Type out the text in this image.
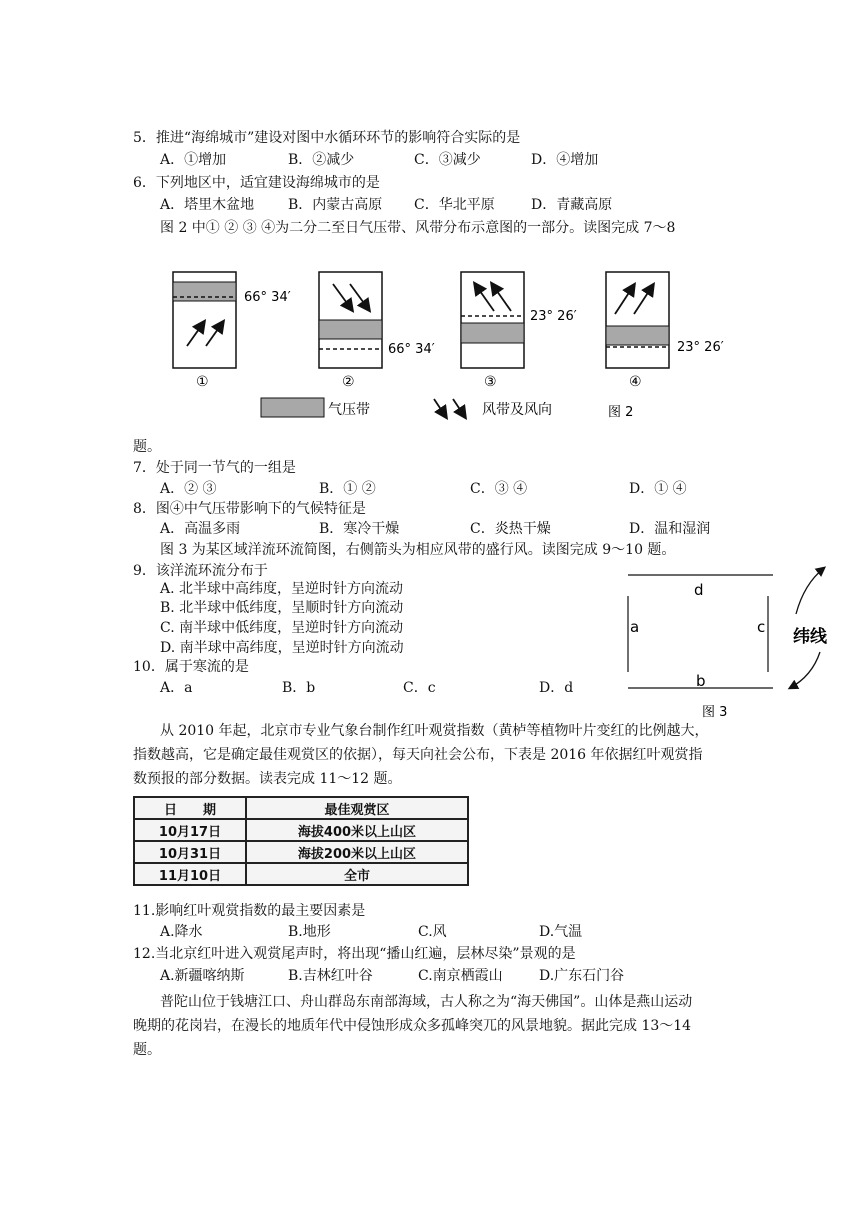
5．推进“海绵城市”建设对图中水循环环节的影响符合实际的是
A．①增加	B．②减少	C．③减少	D．④增加
6．下列地区中，适宜建设海绵城市的是
A．塔里木盆地 B．内蒙古高原 C．华北平原	D．青藏高原
图 2 中① ② ③ ④为二分二至日气压带、风带分布示意图的一部分。读图完成 7～8
66° 34′
①
66° 34′
②
23° 26′
③
23° 26′
④
气压带	风带及风向	图 2
题。
7．处于同一节气的一组是
A．② ③	B．① ②	C．③ ④	D．① ④
8．图④中气压带影响下的气候特征是
A．高温多雨	B．寒冷干燥	C．炎热干燥	D．温和湿润
图 3 为某区域洋流环流简图，右侧箭头为相应风带的盛行风。读图完成 9～10 题。
9．该洋流环流分布于
A. 北半球中高纬度，呈逆时针方向流动
B. 北半球中低纬度，呈顺时针方向流动
C. 南半球中低纬度，呈逆时针方向流动
D. 南半球中高纬度，呈逆时针方向流动
10．属于寒流的是
A．a	B．b	C．c	D．d
d
a	c
b
纬线
图 3
从 2010 年起，北京市专业气象台制作红叶观赏指数（黄栌等植物叶片变红的比例越大，
指数越高，它是确定最佳观赏区的依据），每天向社会公布，下表是 2016 年依据红叶观赏指
数预报的部分数据。读表完成 11～12 题。
日　　期	最佳观赏区
10月17日	海拔400米以上山区
10月31日	海拔200米以上山区
11月10日	全市
11.影响红叶观赏指数的最主要因素是
A.降水	B.地形	C.风	D.气温
12.当北京红叶进入观赏尾声时，将出现“播山红遍，层林尽染”景观的是
A.新疆喀纳斯	B.吉林红叶谷	C.南京栖霞山	D.广东石门谷
普陀山位于钱塘江口、舟山群岛东南部海域，古人称之为“海天佛国”。山体是燕山运动
晚期的花岗岩，在漫长的地质年代中侵蚀形成众多孤峰突兀的风景地貌。据此完成 13～14
题。
